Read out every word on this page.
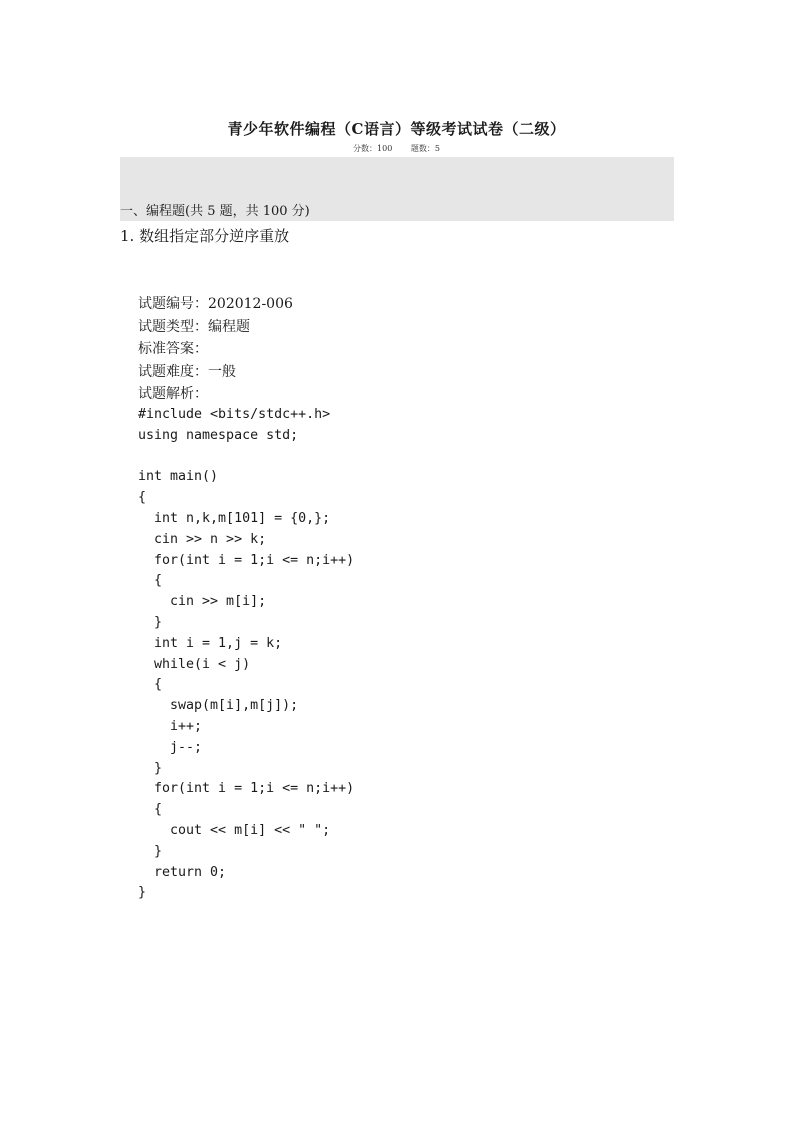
青少年软件编程（C语言）等级考试试卷（二级）
分数：100 题数：5
一、编程题(共 5 题，共 100 分)
1. 数组指定部分逆序重放
试题编号：202012-006
试题类型：编程题
标准答案：
试题难度：一般
试题解析：
#include <bits/stdc++.h>
using namespace std;
int main()
{
int n,k,m[101] = {0,};
cin >> n >> k;
for(int i = 1;i <= n;i++)
{
cin >> m[i];
}
int i = 1,j = k;
while(i < j)
{
swap(m[i],m[j]);
i++;
j--;
}
for(int i = 1;i <= n;i++)
{
cout << m[i] << " ";
}
return 0;
}
